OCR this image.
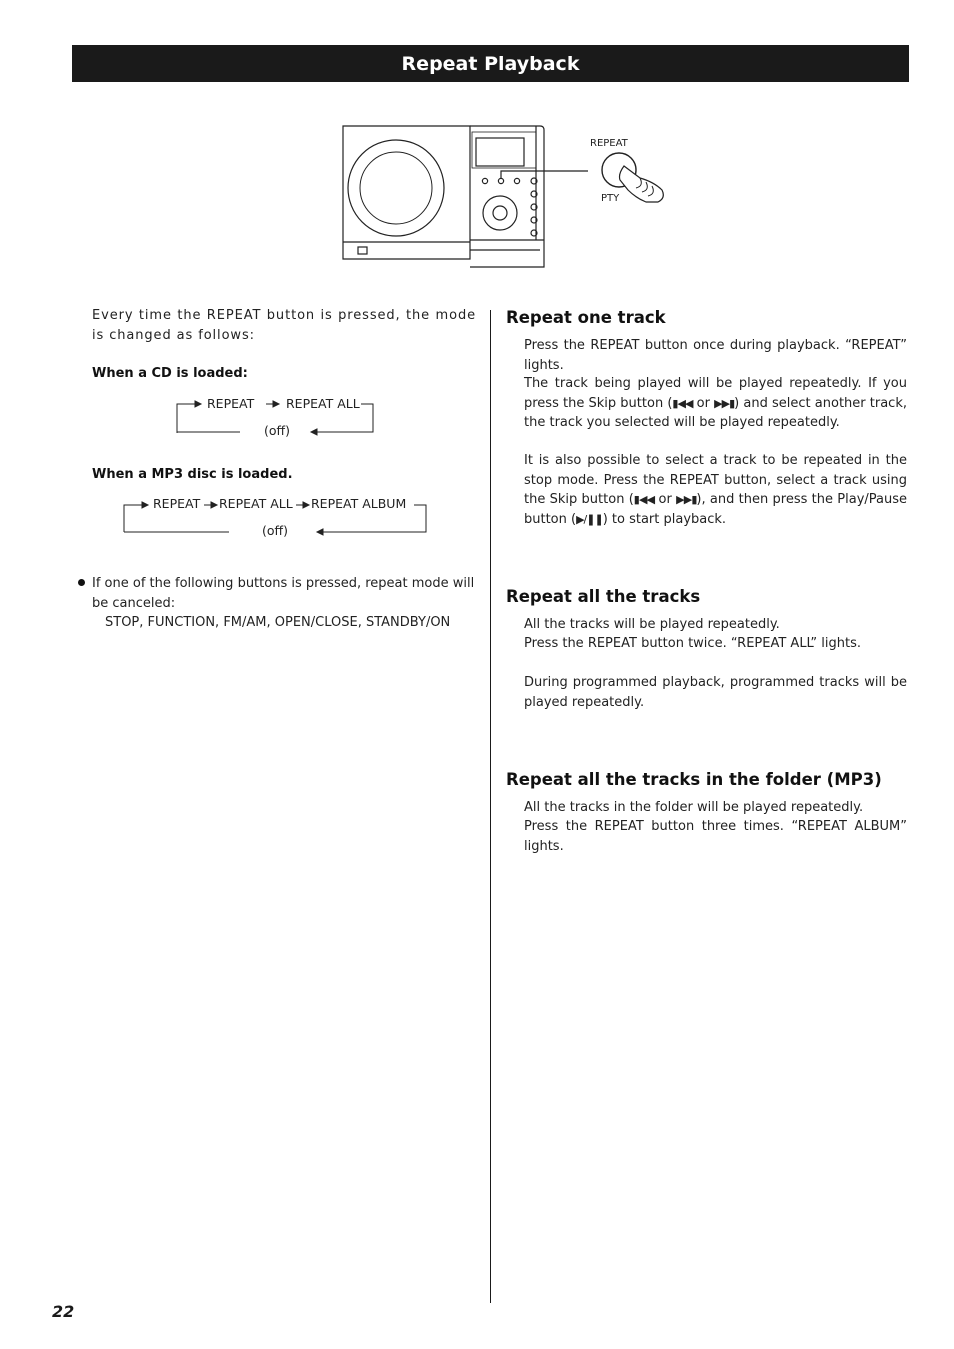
Repeat Playback
REPEAT
PTY
Every time the REPEAT button is pressed, the mode is changed as follows:
When a CD is loaded:
REPEAT	REPEAT ALL
(off)
When a MP3 disc is loaded.
REPEAT REPEAT ALL REPEAT ALBUM
(off)
If one of the following buttons is pressed, repeat mode will be canceled:
STOP, FUNCTION, FM/AM, OPEN/CLOSE, STANDBY/ON
Repeat one track
Press the REPEAT button once during playback. “REPEAT” lights.
The track being played will be played repeatedly. If you press the Skip button (▮◀◀ or ▶▶▮) and select another track, the track you selected will be played repeatedly.
It is also possible to select a track to be repeated in the stop mode. Press the REPEAT button, select a track using the Skip button (▮◀◀ or ▶▶▮), and then press the Play/Pause button (▶/❚❚) to start playback.
Repeat all the tracks
All the tracks will be played repeatedly.
Press the REPEAT button twice. “REPEAT ALL” lights.
During programmed playback, programmed tracks will be played repeatedly.
Repeat all the tracks in the folder (MP3)
All the tracks in the folder will be played repeatedly.
Press the REPEAT button three times. “REPEAT ALBUM” lights.
22
